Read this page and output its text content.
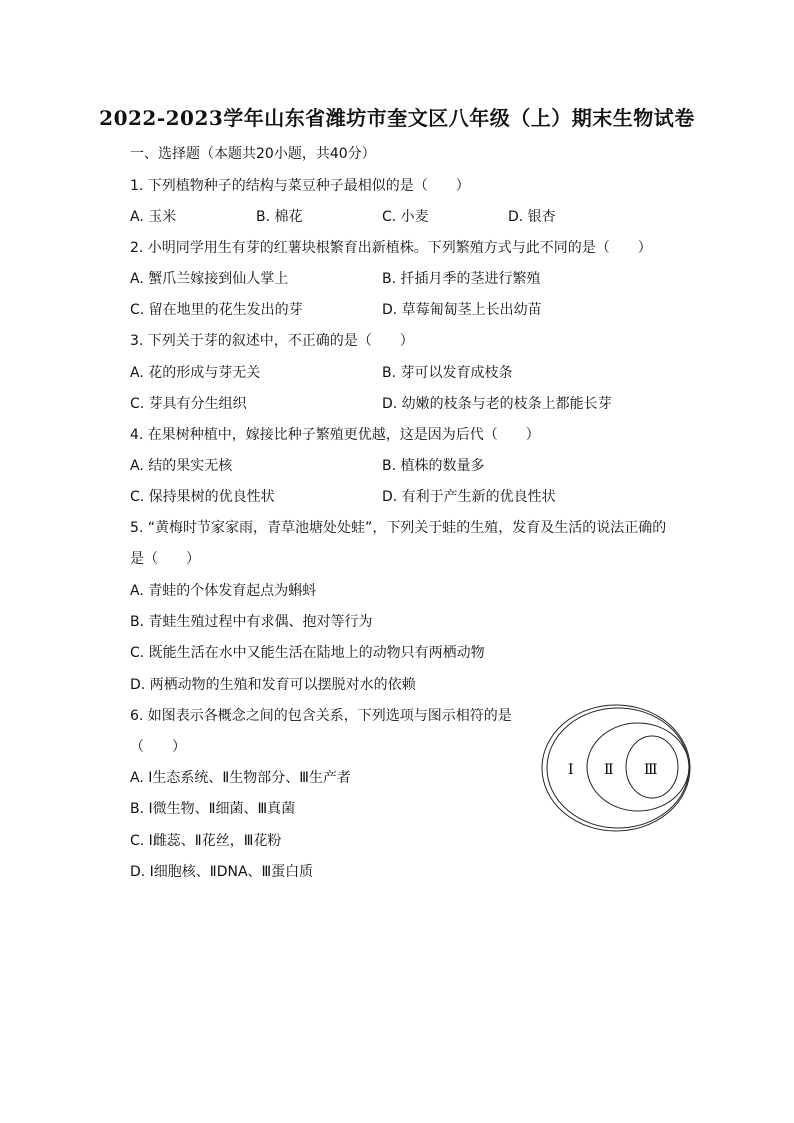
2022-2023学年山东省潍坊市奎文区八年级（上）期末生物试卷
一、选择题（本题共20小题，共40分）
1. 下列植物种子的结构与菜豆种子最相似的是（　　）
A. 玉米	B. 棉花	C. 小麦	D. 银杏
2. 小明同学用生有芽的红薯块根繁育出新植株。下列繁殖方式与此不同的是（　　）
A. 蟹爪兰嫁接到仙人掌上	B. 扦插月季的茎进行繁殖
C. 留在地里的花生发出的芽	D. 草莓匍匐茎上长出幼苗
3. 下列关于芽的叙述中，不正确的是（　　）
A. 花的形成与芽无关	B. 芽可以发育成枝条
C. 芽具有分生组织	D. 幼嫩的枝条与老的枝条上都能长芽
4. 在果树种植中，嫁接比种子繁殖更优越，这是因为后代（　　）
A. 结的果实无核	B. 植株的数量多
C. 保持果树的优良性状	D. 有利于产生新的优良性状
5. “黄梅时节家家雨，青草池塘处处蛙”，下列关于蛙的生殖，发育及生活的说法正确的
是（　　）
A. 青蛙的个体发育起点为蝌蚪
B. 青蛙生殖过程中有求偶、抱对等行为
C. 既能生活在水中又能生活在陆地上的动物只有两栖动物
D. 两栖动物的生殖和发育可以摆脱对水的依赖
6. 如图表示各概念之间的包含关系，下列选项与图示相符的是
（　　）
A. Ⅰ生态系统、Ⅱ生物部分、Ⅲ生产者
B. Ⅰ微生物、Ⅱ细菌、Ⅲ真菌
C. Ⅰ雌蕊、Ⅱ花丝，Ⅲ花粉
D. Ⅰ细胞核、ⅡDNA、Ⅲ蛋白质
Ⅰ Ⅱ Ⅲ
